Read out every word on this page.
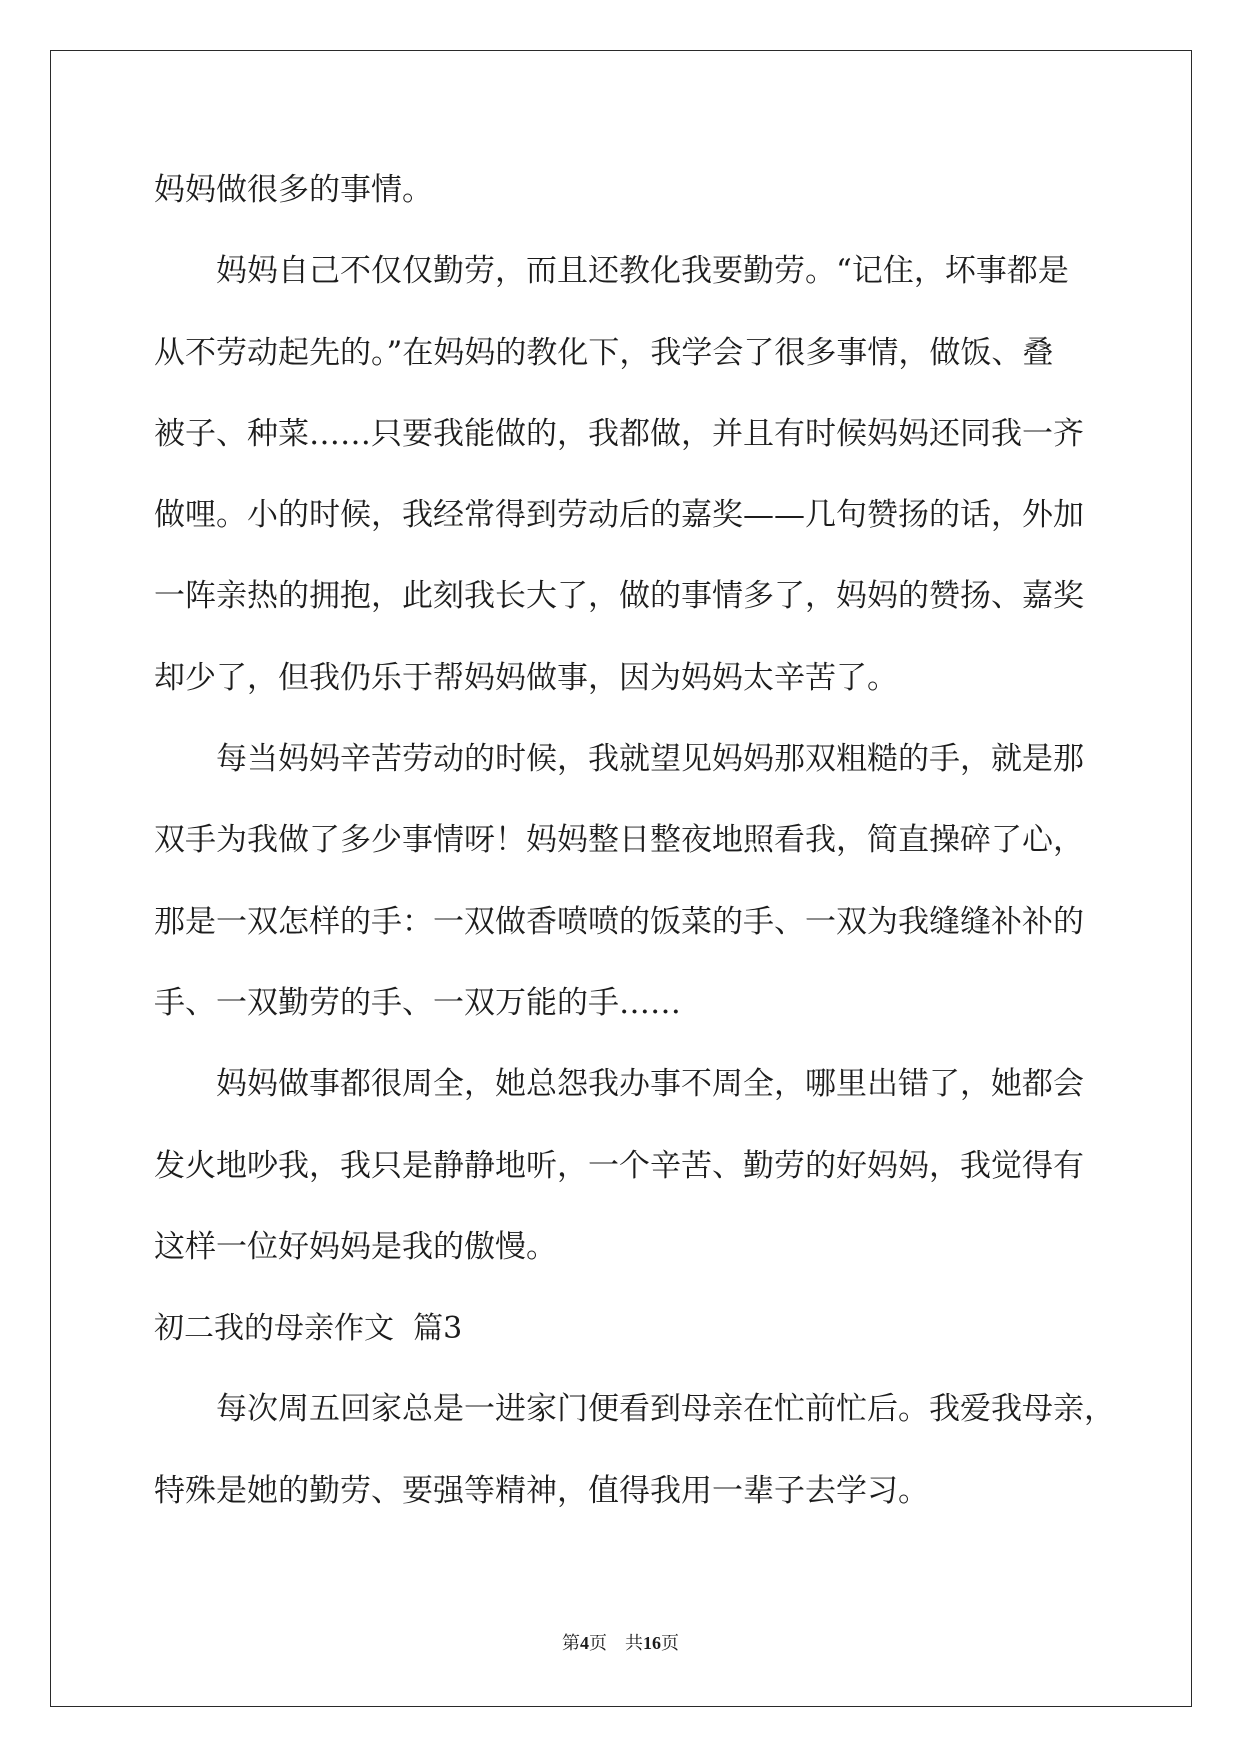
妈妈做很多的事情。
妈妈自己不仅仅勤劳，而且还教化我要勤劳。“记住，坏事都是
从不劳动起先的。”在妈妈的教化下，我学会了很多事情，做饭、叠
被子、种菜……只要我能做的，我都做，并且有时候妈妈还同我一齐
做哩。小的时候，我经常得到劳动后的嘉奖——几句赞扬的话，外加
一阵亲热的拥抱，此刻我长大了，做的事情多了，妈妈的赞扬、嘉奖
却少了，但我仍乐于帮妈妈做事，因为妈妈太辛苦了。
每当妈妈辛苦劳动的时候，我就望见妈妈那双粗糙的手，就是那
双手为我做了多少事情呀！妈妈整日整夜地照看我，简直操碎了心，
那是一双怎样的手：一双做香喷喷的饭菜的手、一双为我缝缝补补的
手、一双勤劳的手、一双万能的手……
妈妈做事都很周全，她总怨我办事不周全，哪里出错了，她都会
发火地吵我，我只是静静地听，一个辛苦、勤劳的好妈妈，我觉得有
这样一位好妈妈是我的傲慢。
初二我的母亲作文  篇3
每次周五回家总是一进家门便看到母亲在忙前忙后。我爱我母亲，
特殊是她的勤劳、要强等精神，值得我用一辈子去学习。
第4页 共16页
